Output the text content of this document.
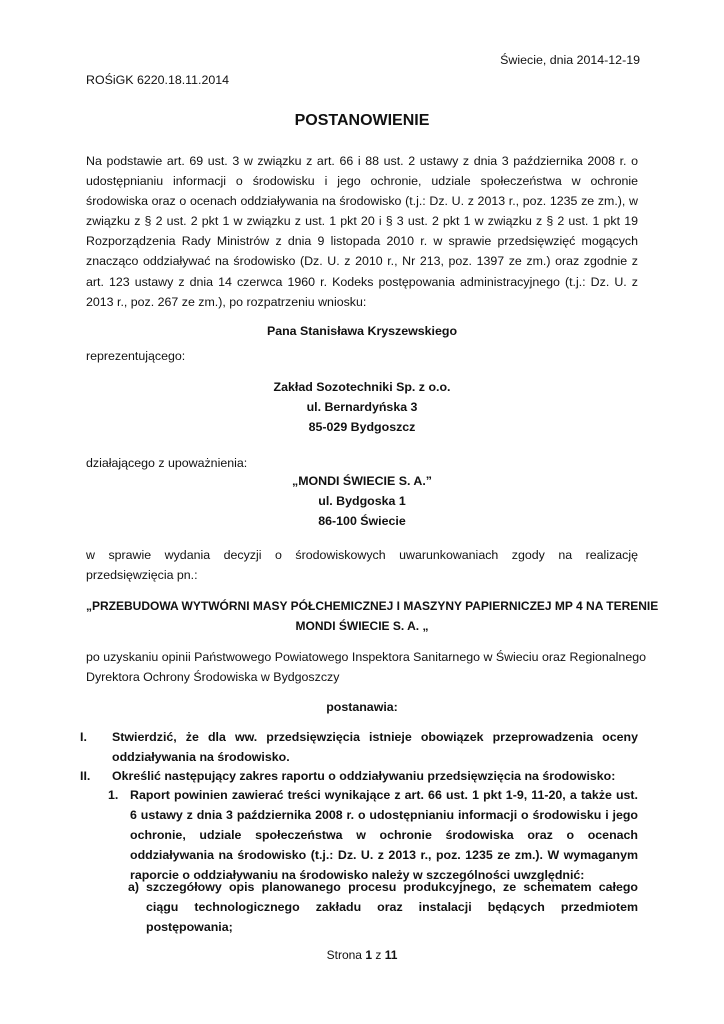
Świecie, dnia 2014-12-19
ROŚiGK 6220.18.11.2014
POSTANOWIENIE
Na podstawie art. 69 ust. 3 w związku z art. 66 i 88 ust. 2 ustawy z dnia 3 października 2008 r. o udostępnianiu informacji o środowisku i jego ochronie, udziale społeczeństwa w ochronie środowiska oraz o ocenach oddziaływania na środowisko (t.j.: Dz. U. z 2013 r., poz. 1235 ze zm.), w związku z § 2 ust. 2 pkt 1 w związku z ust. 1 pkt 20 i § 3 ust. 2 pkt 1 w związku z § 2 ust. 1 pkt 19 Rozporządzenia Rady Ministrów z dnia 9 listopada 2010 r. w sprawie przedsięwzięć mogących znacząco oddziaływać na środowisko (Dz. U. z 2010 r., Nr 213, poz. 1397 ze zm.) oraz zgodnie z art. 123 ustawy z dnia 14 czerwca 1960 r. Kodeks postępowania administracyjnego (t.j.: Dz. U. z 2013 r., poz. 267 ze zm.), po rozpatrzeniu wniosku:
Pana Stanisława Kryszewskiego
reprezentującego:
Zakład Sozotechniki Sp. z o.o.
ul. Bernardyńska 3
85-029 Bydgoszcz
działającego z upoważnienia:
„MONDI ŚWIECIE S. A.”
ul. Bydgoska 1
86-100 Świecie
w sprawie wydania decyzji o środowiskowych uwarunkowaniach zgody na realizację przedsięwzięcia pn.:
„PRZEBUDOWA WYTWÓRNI MASY PÓŁCHEMICZNEJ I MASZYNY PAPIERNICZEJ MP 4 NA TERENIE
MONDI ŚWIECIE S. A. „
po uzyskaniu opinii Państwowego Powiatowego Inspektora Sanitarnego w Świeciu oraz Regionalnego Dyrektora Ochrony Środowiska w Bydgoszczy
postanawia:
I.	Stwierdzić, że dla ww. przedsięwzięcia istnieje obowiązek przeprowadzenia oceny oddziaływania na środowisko.
II.	Określić następujący zakres raportu o oddziaływaniu przedsięwzięcia na środowisko:
1. Raport powinien zawierać treści wynikające z art. 66 ust. 1 pkt 1-9, 11-20, a także ust. 6 ustawy z dnia 3 października 2008 r. o udostępnianiu informacji o środowisku i jego ochronie, udziale społeczeństwa w ochronie środowiska oraz o ocenach oddziaływania na środowisko (t.j.: Dz. U. z 2013 r., poz. 1235 ze zm.). W wymaganym raporcie o oddziaływaniu na środowisko należy w szczególności uwzględnić:
a) szczegółowy opis planowanego procesu produkcyjnego, ze schematem całego ciągu technologicznego zakładu oraz instalacji będących przedmiotem postępowania;
Strona 1 z 11
